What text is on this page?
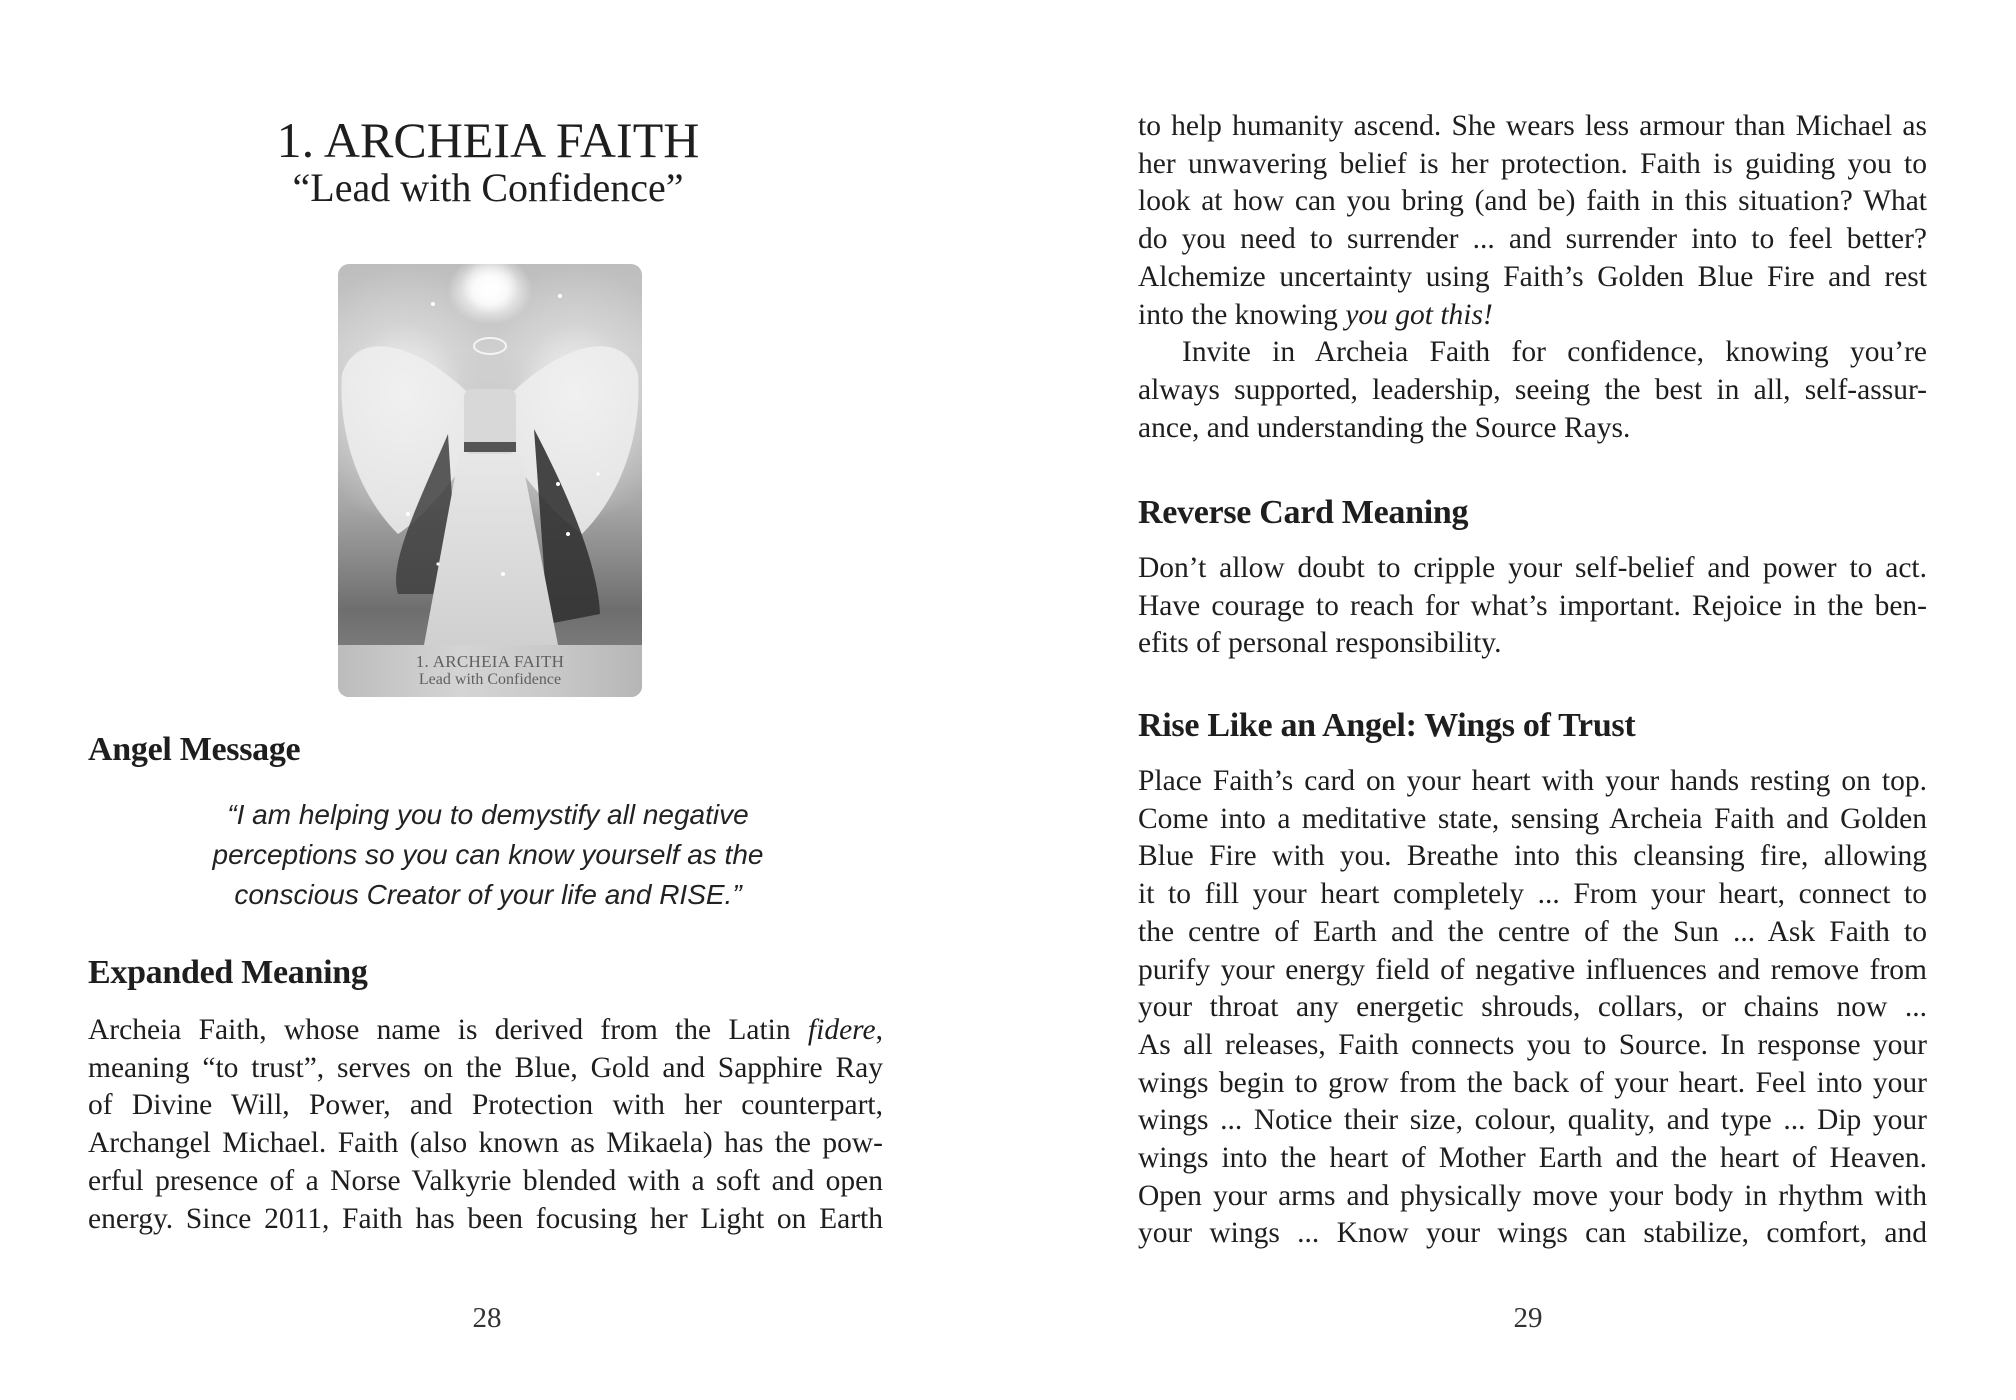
1. ARCHEIA FAITH
“Lead with Confidence”
1. ARCHEIA FAITH
Lead with Confidence
Angel Message
“I am helping you to demystify all negative
perceptions so you can know yourself as the
conscious Creator of your life and RISE.”
Expanded Meaning
Archeia Faith, whose name is derived from the Latin fidere,
meaning “to trust”, serves on the Blue, Gold and Sapphire Ray
of Divine Will, Power, and Protection with her counterpart,
Archangel Michael. Faith (also known as Mikaela) has the pow-
erful presence of a Norse Valkyrie blended with a soft and open
energy. Since 2011, Faith has been focusing her Light on Earth
28
to help humanity ascend. She wears less armour than Michael as
her unwavering belief is her protection. Faith is guiding you to
look at how can you bring (and be) faith in this situation? What
do you need to surrender ... and surrender into to feel better?
Alchemize uncertainty using Faith’s Golden Blue Fire and rest
into the knowing you got this!
Invite in Archeia Faith for confidence, knowing you’re
always supported, leadership, seeing the best in all, self-assur-
ance, and understanding the Source Rays.
Reverse Card Meaning
Don’t allow doubt to cripple your self-belief and power to act.
Have courage to reach for what’s important. Rejoice in the ben-
efits of personal responsibility.
Rise Like an Angel: Wings of Trust
Place Faith’s card on your heart with your hands resting on top.
Come into a meditative state, sensing Archeia Faith and Golden
Blue Fire with you. Breathe into this cleansing fire, allowing
it to fill your heart completely ... From your heart, connect to
the centre of Earth and the centre of the Sun ... Ask Faith to
purify your energy field of negative influences and remove from
your throat any energetic shrouds, collars, or chains now ...
As all releases, Faith connects you to Source. In response your
wings begin to grow from the back of your heart. Feel into your
wings ... Notice their size, colour, quality, and type ... Dip your
wings into the heart of Mother Earth and the heart of Heaven.
Open your arms and physically move your body in rhythm with
your wings ... Know your wings can stabilize, comfort, and
29
